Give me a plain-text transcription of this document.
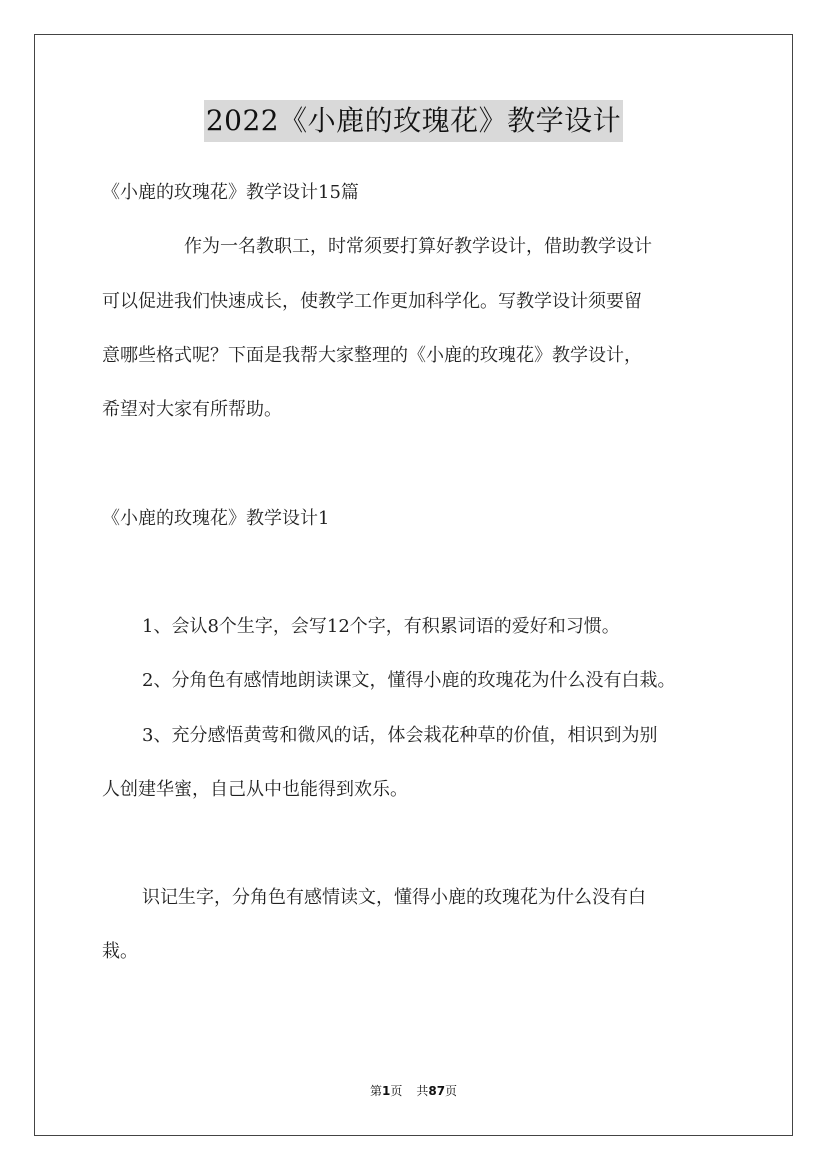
2022《小鹿的玫瑰花》教学设计
《小鹿的玫瑰花》教学设计15篇
作为一名教职工，时常须要打算好教学设计，借助教学设计
可以促进我们快速成长，使教学工作更加科学化。写教学设计须要留
意哪些格式呢？下面是我帮大家整理的《小鹿的玫瑰花》教学设计，
希望对大家有所帮助。
《小鹿的玫瑰花》教学设计1
1、会认8个生字，会写12个字，有积累词语的爱好和习惯。
2、分角色有感情地朗读课文，懂得小鹿的玫瑰花为什么没有白栽。
3、充分感悟黄莺和微风的话，体会栽花种草的价值，相识到为别
人创建华蜜，自己从中也能得到欢乐。
识记生字，分角色有感情读文，懂得小鹿的玫瑰花为什么没有白
栽。
第1页 共87页
